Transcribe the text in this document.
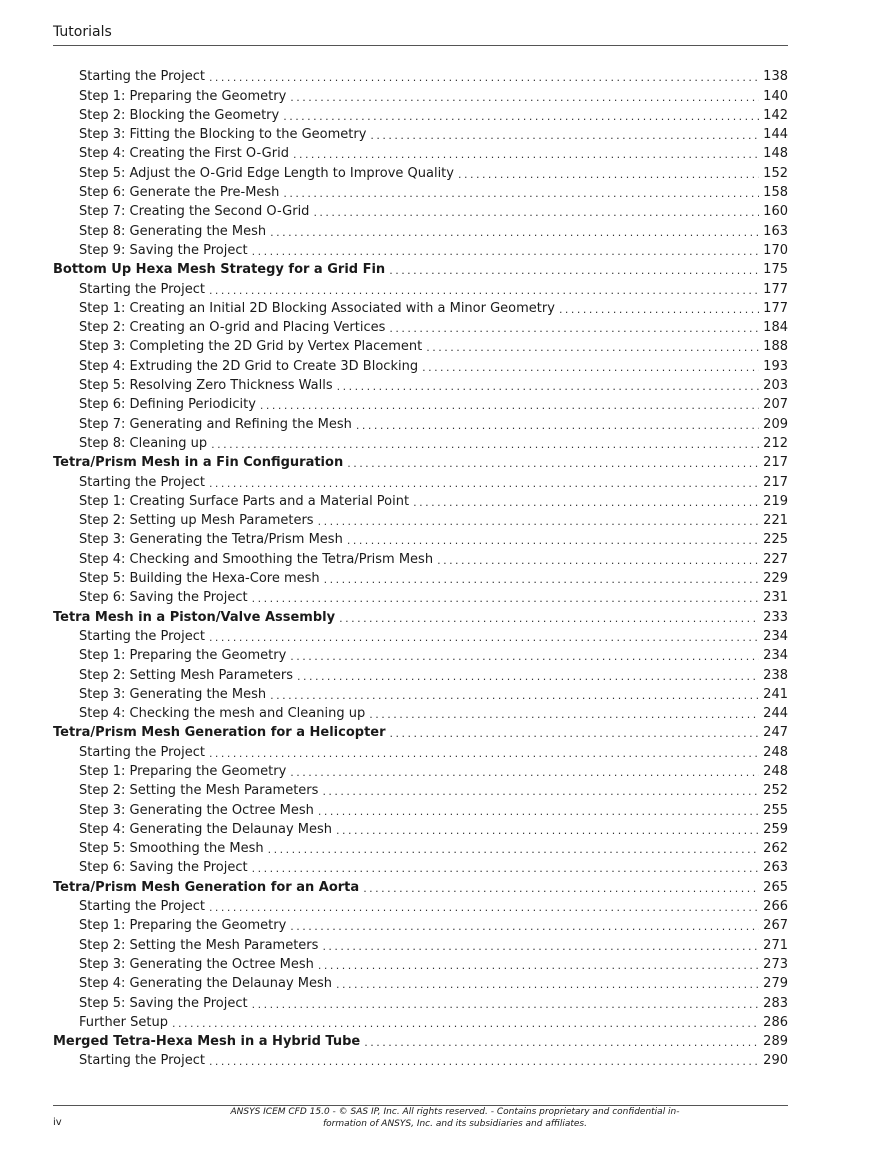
Tutorials
Starting the Project . . .	138
Step 1: Preparing the Geometry . . .	140
Step 2: Blocking the Geometry . . .	142
Step 3: Fitting the Blocking to the Geometry . . .	144
Step 4: Creating the First O-Grid . . .	148
Step 5: Adjust the O-Grid Edge Length to Improve Quality . . .	152
Step 6: Generate the Pre-Mesh . . .	158
Step 7: Creating the Second O-Grid . . .	160
Step 8: Generating the Mesh . . .	163
Step 9: Saving the Project . . .	170
Bottom Up Hexa Mesh Strategy for a Grid Fin . . .	175
Starting the Project . . .	177
Step 1: Creating an Initial 2D Blocking Associated with a Minor Geometry . . .	177
Step 2: Creating an O-grid and Placing Vertices . . .	184
Step 3: Completing the 2D Grid by Vertex Placement . . .	188
Step 4: Extruding the 2D Grid to Create 3D Blocking . . .	193
Step 5: Resolving Zero Thickness Walls . . .	203
Step 6: Defining Periodicity . . .	207
Step 7: Generating and Refining the Mesh . . .	209
Step 8: Cleaning up . . .	212
Tetra/Prism Mesh in a Fin Configuration . . .	217
Starting the Project . . .	217
Step 1: Creating Surface Parts and a Material Point . . .	219
Step 2: Setting up Mesh Parameters . . .	221
Step 3: Generating the Tetra/Prism Mesh . . .	225
Step 4: Checking and Smoothing the Tetra/Prism Mesh . . .	227
Step 5: Building the Hexa-Core mesh . . .	229
Step 6: Saving the Project . . .	231
Tetra Mesh in a Piston/Valve Assembly . . .	233
Starting the Project . . .	234
Step 1: Preparing the Geometry . . .	234
Step 2: Setting Mesh Parameters . . .	238
Step 3: Generating the Mesh . . .	241
Step 4: Checking the mesh and Cleaning up . . .	244
Tetra/Prism Mesh Generation for a Helicopter . . .	247
Starting the Project . . .	248
Step 1: Preparing the Geometry . . .	248
Step 2: Setting the Mesh Parameters . . .	252
Step 3: Generating the Octree Mesh . . .	255
Step 4: Generating the Delaunay Mesh . . .	259
Step 5: Smoothing the Mesh . . .	262
Step 6: Saving the Project . . .	263
Tetra/Prism Mesh Generation for an Aorta . . .	265
Starting the Project . . .	266
Step 1: Preparing the Geometry . . .	267
Step 2: Setting the Mesh Parameters . . .	271
Step 3: Generating the Octree Mesh . . .	273
Step 4: Generating the Delaunay Mesh . . .	279
Step 5: Saving the Project . . .	283
Further Setup . . .	286
Merged Tetra-Hexa Mesh in a Hybrid Tube . . .	289
Starting the Project . . .	290
iv
ANSYS ICEM CFD 15.0 - © SAS IP, Inc. All rights reserved. - Contains proprietary and confidential in-
formation of ANSYS, Inc. and its subsidiaries and affiliates.
